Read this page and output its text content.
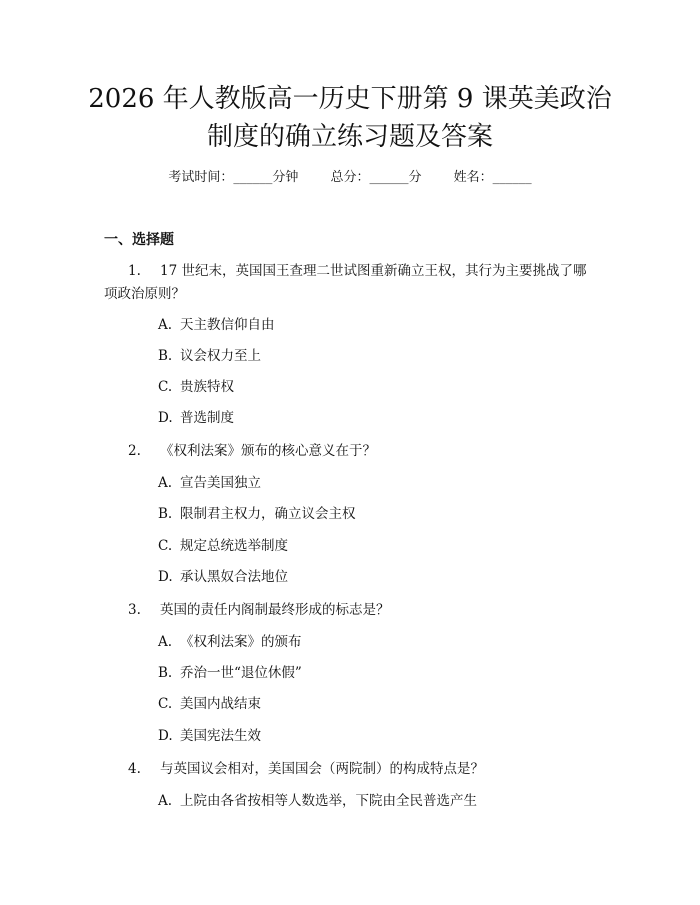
2026 年人教版高一历史下册第 9 课英美政治
制度的确立练习题及答案
考试时间：______分钟 总分：______分 姓名：______
一、选择题
1. 17 世纪末，英国国王查理二世试图重新确立王权，其行为主要挑战了哪
项政治原则？
A. 天主教信仰自由
B. 议会权力至上
C. 贵族特权
D. 普选制度
2. 《权利法案》颁布的核心意义在于？
A. 宣告美国独立
B. 限制君主权力，确立议会主权
C. 规定总统选举制度
D. 承认黑奴合法地位
3. 英国的责任内阁制最终形成的标志是？
A. 《权利法案》的颁布
B. 乔治一世“退位休假”
C. 美国内战结束
D. 美国宪法生效
4. 与英国议会相对，美国国会（两院制）的构成特点是？
A. 上院由各省按相等人数选举，下院由全民普选产生
